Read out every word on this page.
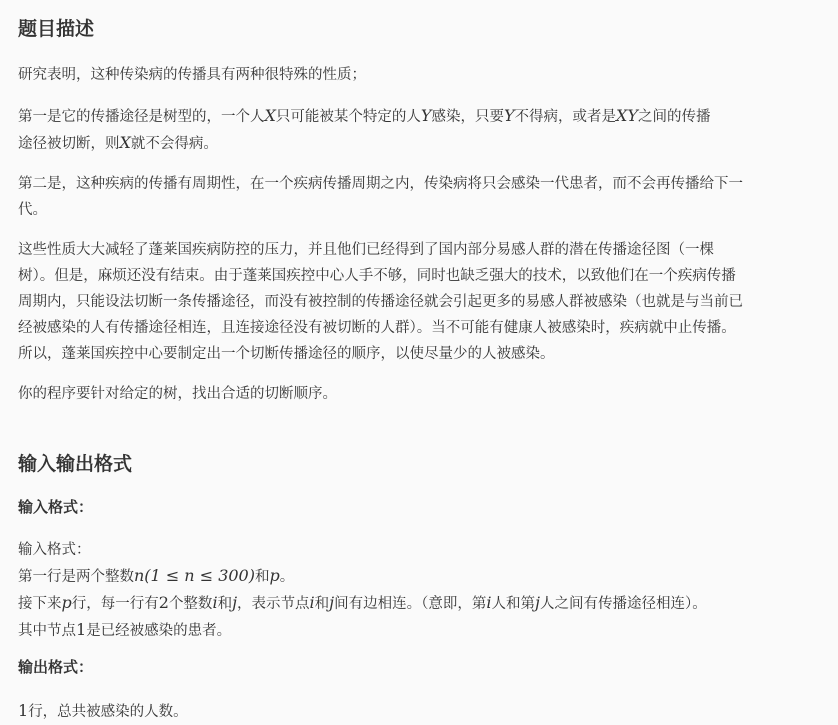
题目描述

研究表明，这种传染病的传播具有两种很特殊的性质；

第一是它的传播途径是树型的，一个人X只可能被某个特定的人Y感染，只要Y不得病，或者是XY之间的传播
途径被切断，则X就不会得病。

第二是，这种疾病的传播有周期性，在一个疾病传播周期之内，传染病将只会感染一代患者，而不会再传播给下一
代。

这些性质大大减轻了蓬莱国疾病防控的压力，并且他们已经得到了国内部分易感人群的潜在传播途径图（一棵
树）。但是，麻烦还没有结束。由于蓬莱国疾控中心人手不够，同时也缺乏强大的技术，以致他们在一个疾病传播
周期内，只能设法切断一条传播途径，而没有被控制的传播途径就会引起更多的易感人群被感染（也就是与当前已
经被感染的人有传播途径相连，且连接途径没有被切断的人群）。当不可能有健康人被感染时，疾病就中止传播。
所以，蓬莱国疾控中心要制定出一个切断传播途径的顺序，以使尽量少的人被感染。

你的程序要针对给定的树，找出合适的切断顺序。

输入输出格式
输入格式：

输入格式：
第一行是两个整数n(1 ≤ n ≤ 300)和p。
接下来p行，每一行有2个整数i和j，表示节点i和j间有边相连。（意即，第i人和第j人之间有传播途径相连）。
其中节点1是已经被感染的患者。

输出格式：

1行，总共被感染的人数。
